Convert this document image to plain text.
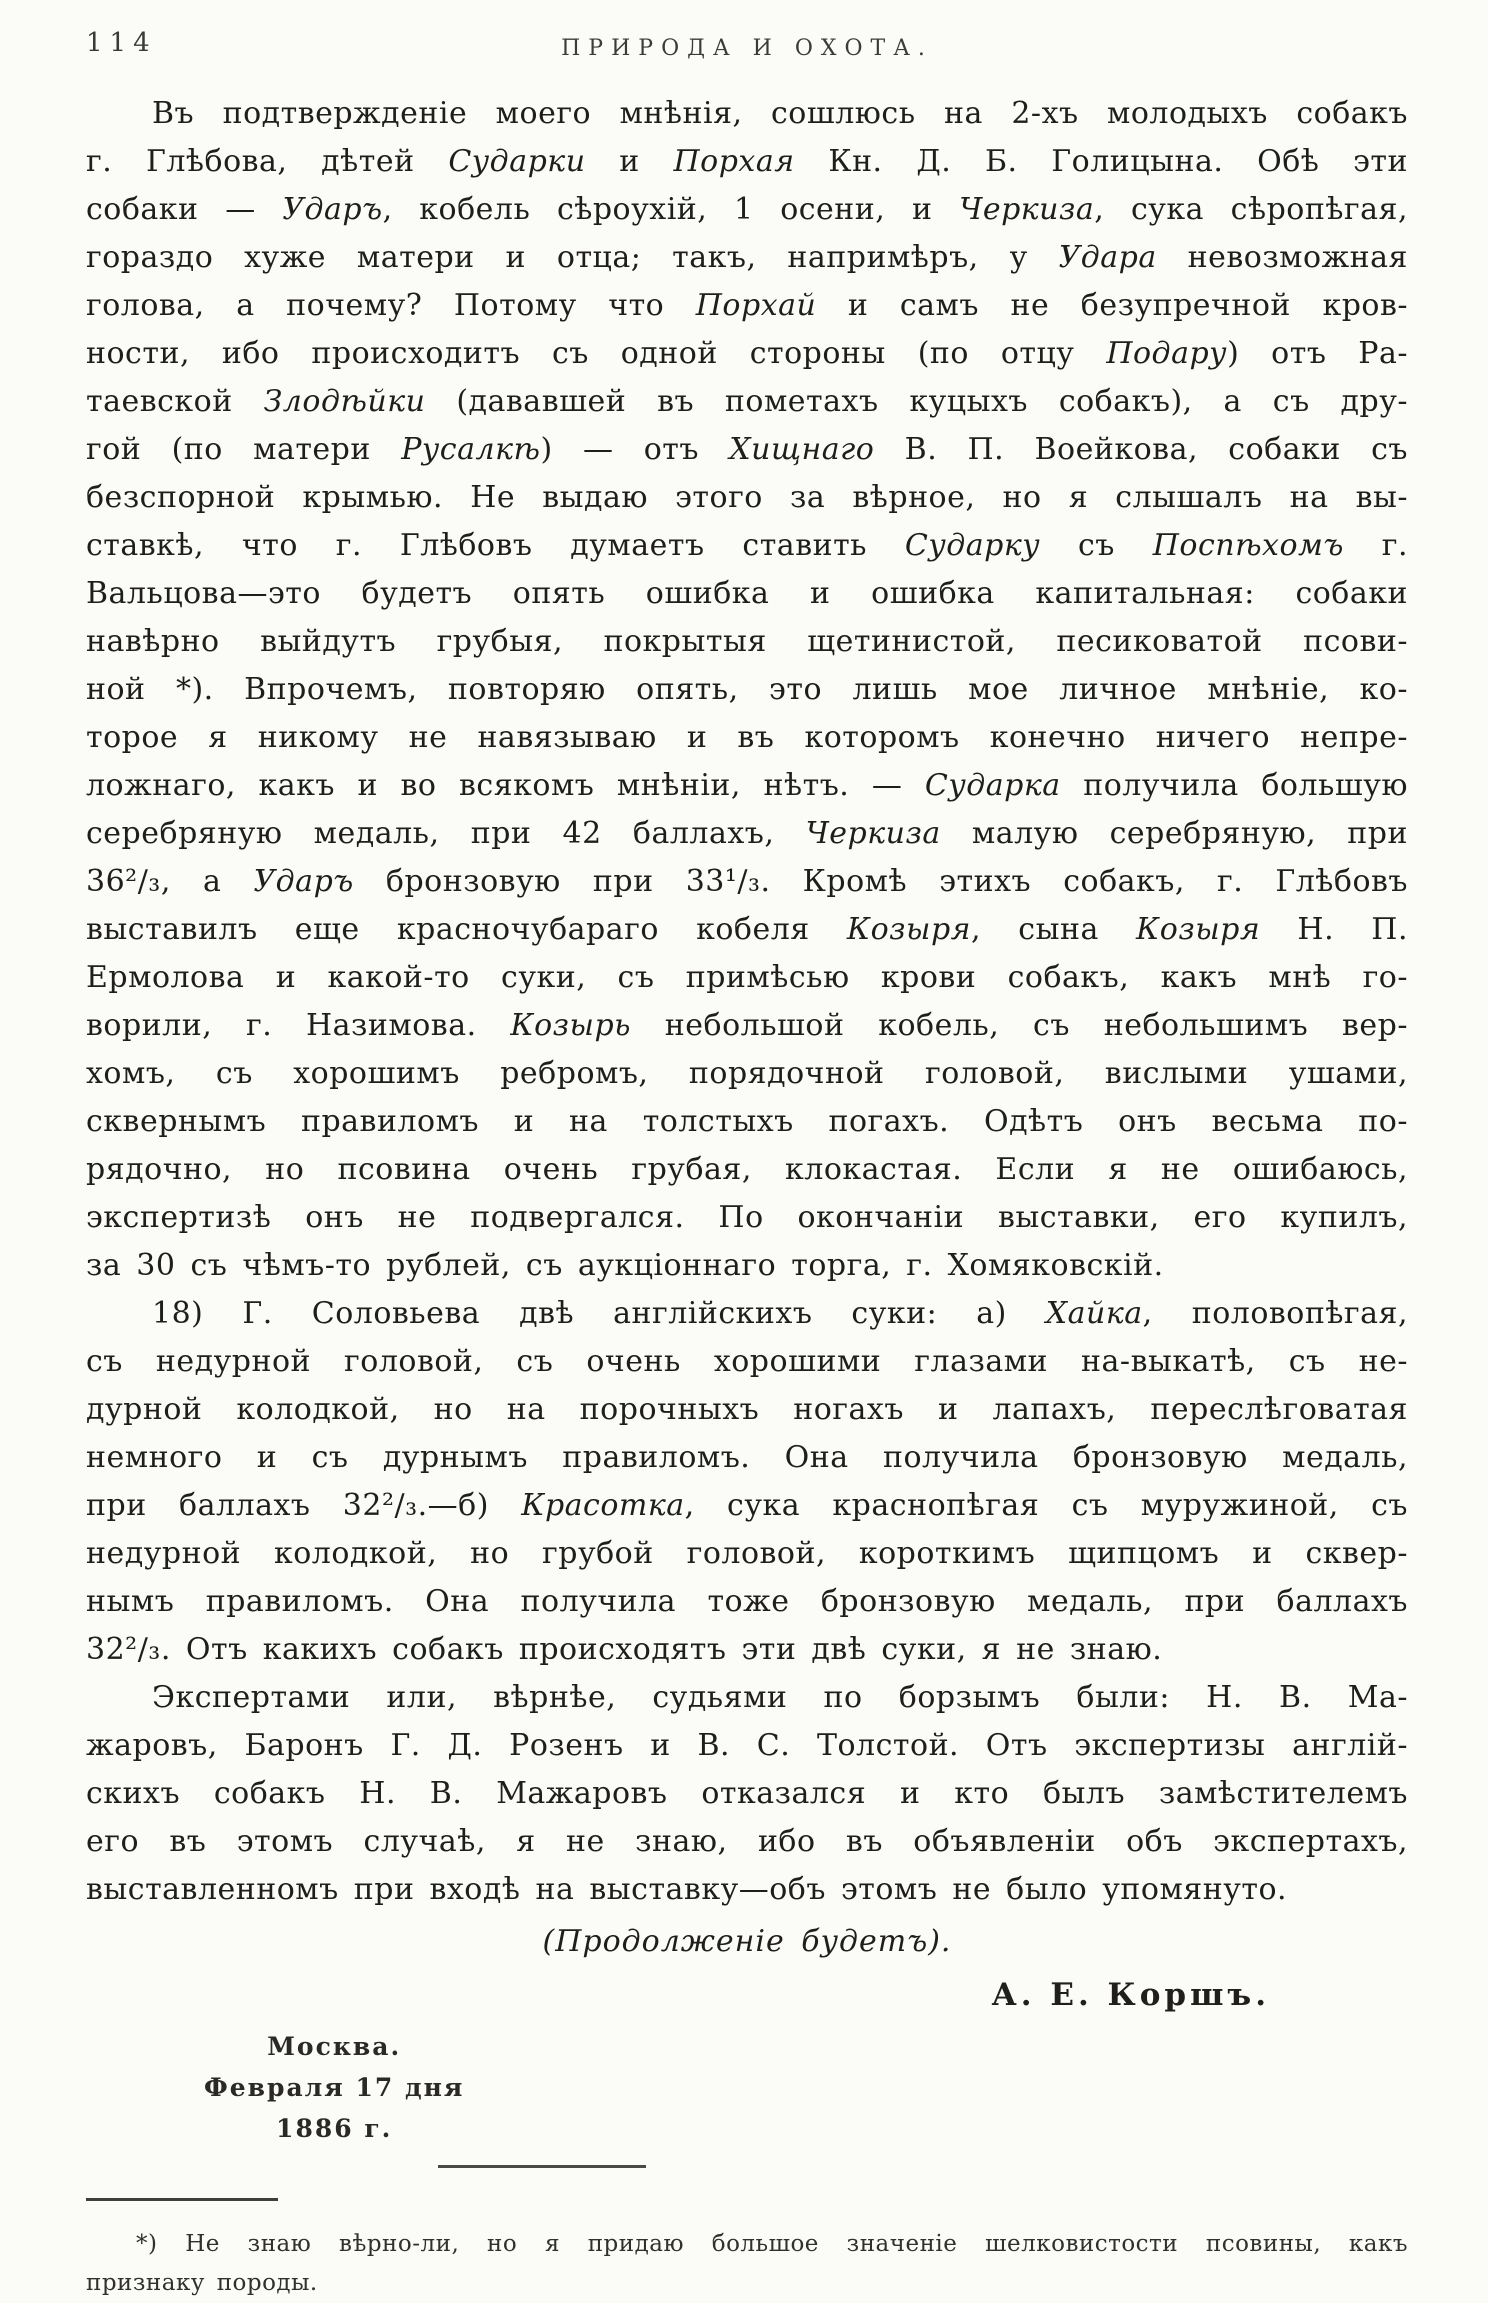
114	ПРИРОДА И ОХОТА.
Въ подтвержденіе моего мнѣнія, сошлюсь на 2-хъ молодыхъ собакъ
г. Глѣбова, дѣтей Сударки и Порхая Кн. Д. Б. Голицына. Обѣ эти
собаки — Ударъ, кобель сѣроухій, 1 осени, и Черкиза, сука сѣропѣгая,
гораздо хуже матери и отца; такъ, напримѣръ, у Удара невозможная
голова, а почему? Потому что Порхай и самъ не безупречной кров-
ности, ибо происходитъ съ одной стороны (по отцу Подару) отъ Ра-
таевской Злодѣйки (дававшей въ пометахъ куцыхъ собакъ), а съ дру-
гой (по матери Русалкѣ) — отъ Хищнаго В. П. Воейкова, собаки съ
безспорной крымью. Не выдаю этого за вѣрное, но я слышалъ на вы-
ставкѣ, что г. Глѣбовъ думаетъ ставить Сударку съ Поспѣхомъ г.
Вальцова—это будетъ опять ошибка и ошибка капитальная: собаки
навѣрно выйдутъ грубыя, покрытыя щетинистой, песиковатой псови-
ной *). Впрочемъ, повторяю опять, это лишь мое личное мнѣніе, ко-
торое я никому не навязываю и въ которомъ конечно ничего непре-
ложнаго, какъ и во всякомъ мнѣніи, нѣтъ. — Сударка получила большую
серебряную медаль, при 42 баллахъ, Черкиза малую серебряную, при
36²/₃, а Ударъ бронзовую при 33¹/₃. Кромѣ этихъ собакъ, г. Глѣбовъ
выставилъ еще красночубараго кобеля Козыря, сына Козыря Н. П.
Ермолова и какой-то суки, съ примѣсью крови собакъ, какъ мнѣ го-
ворили, г. Назимова. Козырь небольшой кобель, съ небольшимъ вер-
хомъ, съ хорошимъ ребромъ, порядочной головой, вислыми ушами,
сквернымъ правиломъ и на толстыхъ погахъ. Одѣтъ онъ весьма по-
рядочно, но псовина очень грубая, клокастая. Если я не ошибаюсь,
экспертизѣ онъ не подвергался. По окончаніи выставки, его купилъ,
за 30 съ чѣмъ-то рублей, съ аукціоннаго торга, г. Хомяковскій.
18) Г. Соловьева двѣ англійскихъ суки: а) Хайка, половопѣгая,
съ недурной головой, съ очень хорошими глазами на-выкатѣ, съ не-
дурной колодкой, но на порочныхъ ногахъ и лапахъ, переслѣговатая
немного и съ дурнымъ правиломъ. Она получила бронзовую медаль,
при баллахъ 32²/₃.—б) Красотка, сука краснопѣгая съ муружиной, съ
недурной колодкой, но грубой головой, короткимъ щипцомъ и сквер-
нымъ правиломъ. Она получила тоже бронзовую медаль, при баллахъ
32²/₃. Отъ какихъ собакъ происходятъ эти двѣ суки, я не знаю.
Экспертами или, вѣрнѣе, судьями по борзымъ были: Н. В. Ма-
жаровъ, Баронъ Г. Д. Розенъ и В. С. Толстой. Отъ экспертизы англій-
скихъ собакъ Н. В. Мажаровъ отказался и кто былъ замѣстителемъ
его въ этомъ случаѣ, я не знаю, ибо въ объявленіи объ экспертахъ,
выставленномъ при входѣ на выставку—объ этомъ не было упомянуто.
(Продолженіе будетъ).
А. Е. Коршъ.
Москва.
Февраля 17 дня
1886 г.
*) Не знаю вѣрно-ли, но я придаю большое значеніе шелковистости псовины, какъ
признаку породы.
